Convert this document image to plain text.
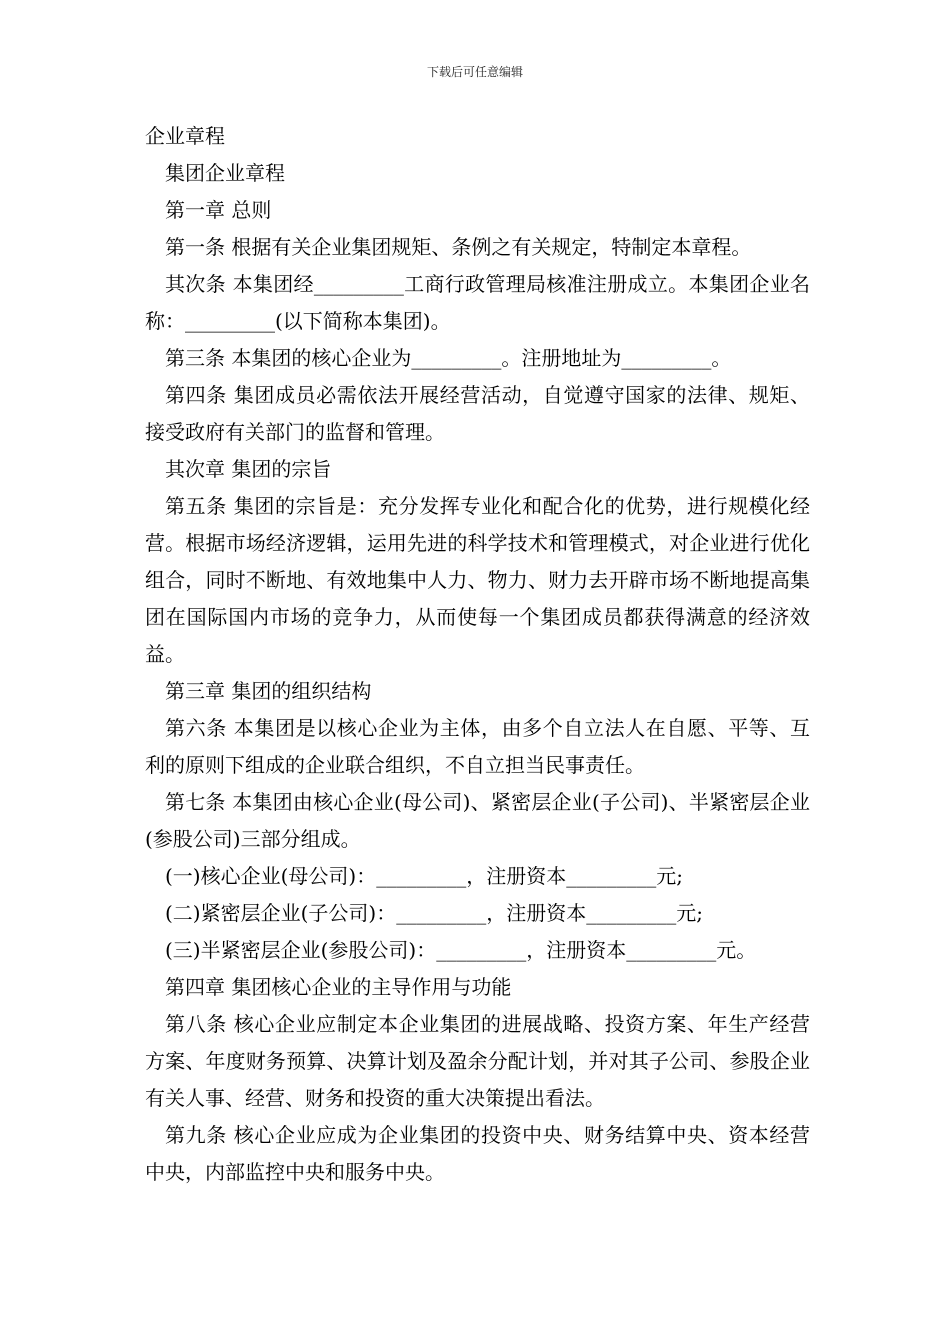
下载后可任意编辑

企业章程

集团企业章程

第一章 总则

第一条 根据有关企业集团规矩、条例之有关规定，特制定本章程。

其次条 本集团经_________工商行政管理局核准注册成立。本集团企业名称：_________(以下简称本集团)。

第三条 本集团的核心企业为_________。注册地址为_________。

第四条 集团成员必需依法开展经营活动，自觉遵守国家的法律、规矩、接受政府有关部门的监督和管理。

其次章 集团的宗旨

第五条 集团的宗旨是：充分发挥专业化和配合化的优势，进行规模化经营。根据市场经济逻辑，运用先进的科学技术和管理模式，对企业进行优化组合，同时不断地、有效地集中人力、物力、财力去开辟市场不断地提高集团在国际国内市场的竞争力，从而使每一个集团成员都获得满意的经济效益。

第三章 集团的组织结构

第六条 本集团是以核心企业为主体，由多个自立法人在自愿、平等、互利的原则下组成的企业联合组织，不自立担当民事责任。

第七条 本集团由核心企业(母公司)、紧密层企业(子公司)、半紧密层企业(参股公司)三部分组成。

(一)核心企业(母公司)：_________，注册资本_________元;

(二)紧密层企业(子公司)：_________，注册资本_________元;

(三)半紧密层企业(参股公司)：_________，注册资本_________元。

第四章 集团核心企业的主导作用与功能

第八条 核心企业应制定本企业集团的进展战略、投资方案、年生产经营方案、年度财务预算、决算计划及盈余分配计划，并对其子公司、参股企业有关人事、经营、财务和投资的重大决策提出看法。

第九条 核心企业应成为企业集团的投资中央、财务结算中央、资本经营中央，内部监控中央和服务中央。
